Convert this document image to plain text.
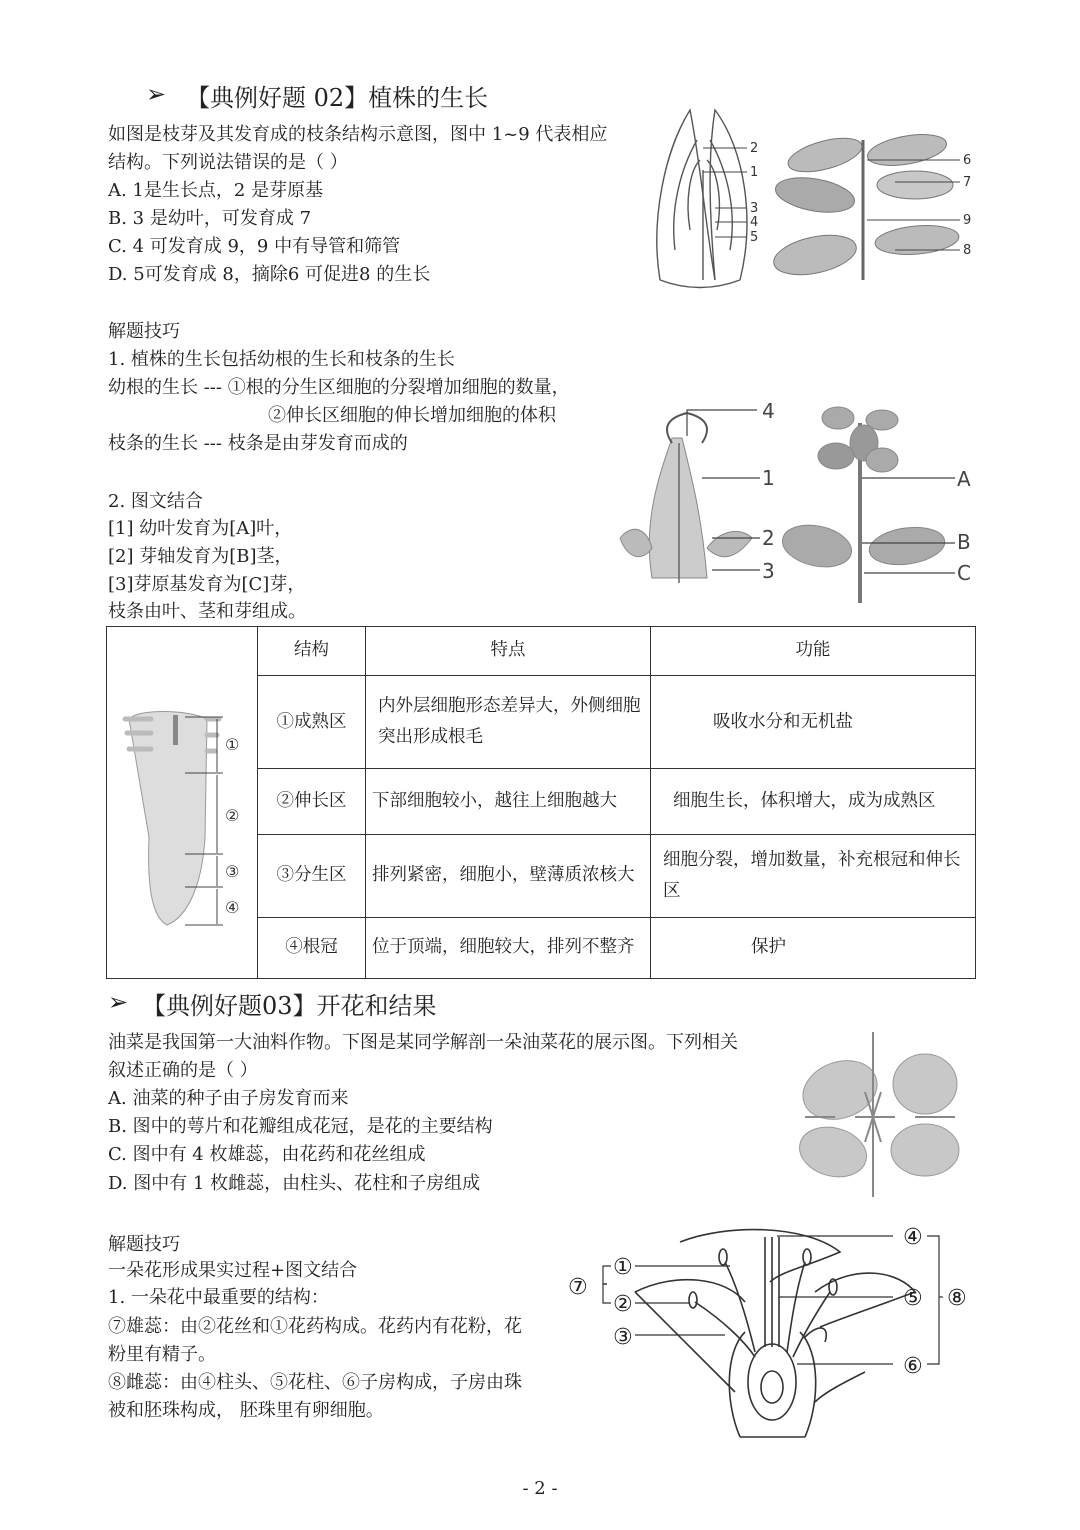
➢ 【典例好题 02】植株的生长
如图是枝芽及其发育成的枝条结构示意图，图中 1~9 代表相应
结构。下列说法错误的是（ ）
A. 1是生长点，2 是芽原基
B. 3 是幼叶，可发育成 7
C. 4 可发育成 9，9 中有导管和筛管
D. 5可发育成 8，摘除6 可促进8 的生长
2
1
3
4
5
6
7
9
8
解题技巧
1. 植株的生长包括幼根的生长和枝条的生长
幼根的生长 --- ①根的分生区细胞的分裂增加细胞的数量，
②伸长区细胞的伸长增加细胞的体积
枝条的生长 --- 枝条是由芽发育而成的
2. 图文结合
[1] 幼叶发育为[A]叶，
[2] 芽轴发育为[B]茎，
[3]芽原基发育为[C]芽，
枝条由叶、茎和芽组成。
4
1
2
3
A
B
C
①
②
③
④	结构	特点	功能
	①成熟区	内外层细胞形态差异大，外侧细胞突出形成根毛	吸收水分和无机盐
	②伸长区	下部细胞较小，越往上细胞越大	细胞生长，体积增大，成为成熟区
	③分生区	排列紧密，细胞小，壁薄质浓核大	细胞分裂，增加数量，补充根冠和伸长区
	④根冠	位于顶端，细胞较大，排列不整齐	保护
➢ 【典例好题03】开花和结果
油菜是我国第一大油料作物。下图是某同学解剖一朵油菜花的展示图。下列相关
叙述正确的是（ ）
A. 油菜的种子由子房发育而来
B. 图中的萼片和花瓣组成花冠，是花的主要结构
C. 图中有 4 枚雄蕊，由花药和花丝组成
D. 图中有 1 枚雌蕊，由柱头、花柱和子房组成
解题技巧
一朵花形成果实过程+图文结合
1. 一朵花中最重要的结构：
⑦雄蕊：由②花丝和①花药构成。花药内有花粉，花
粉里有精子。
⑧雌蕊：由④柱头、⑤花柱、⑥子房构成，子房由珠
被和胚珠构成， 胚珠里有卵细胞。
①
②
③
④
⑤
⑥
⑦	⑧
- 2 -
